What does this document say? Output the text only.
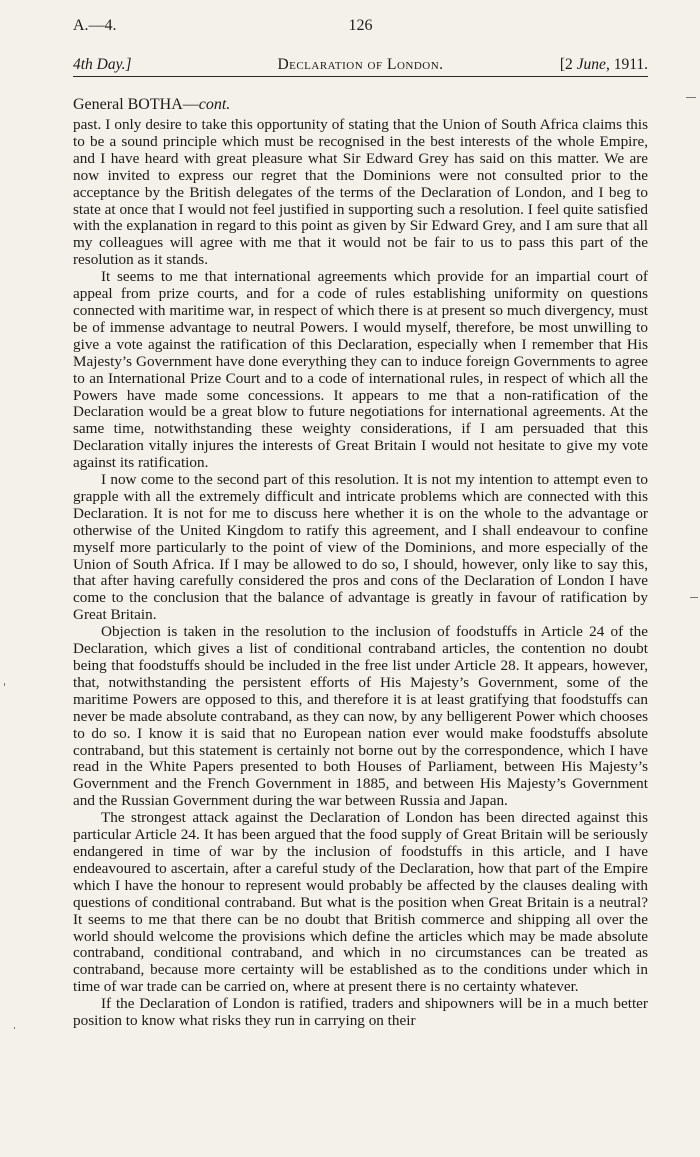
A.—4.	126
4th Day.]	Declaration of London.	[2 June, 1911.
General BOTHA—cont.

past. I only desire to take this opportunity of stating that the Union of South Africa claims this to be a sound principle which must be recognised in the best interests of the whole Empire, and I have heard with great pleasure what Sir Edward Grey has said on this matter. We are now invited to express our regret that the Dominions were not consulted prior to the acceptance by the British delegates of the terms of the Declaration of London, and I beg to state at once that I would not feel justified in supporting such a resolution. I feel quite satisfied with the explanation in regard to this point as given by Sir Edward Grey, and I am sure that all my colleagues will agree with me that it would not be fair to us to pass this part of the resolution as it stands.

It seems to me that international agreements which provide for an impartial court of appeal from prize courts, and for a code of rules establishing uniformity on questions connected with maritime war, in respect of which there is at present so much divergency, must be of immense advantage to neutral Powers. I would myself, therefore, be most unwilling to give a vote against the ratification of this Declaration, especially when I remember that His Majesty’s Government have done everything they can to induce foreign Governments to agree to an International Prize Court and to a code of international rules, in respect of which all the Powers have made some concessions. It appears to me that a non-ratification of the Declaration would be a great blow to future negotiations for international agreements. At the same time, notwithstanding these weighty considerations, if I am persuaded that this Declaration vitally injures the interests of Great Britain I would not hesitate to give my vote against its ratification.

I now come to the second part of this resolution. It is not my intention to attempt even to grapple with all the extremely difficult and intricate problems which are connected with this Declaration. It is not for me to discuss here whether it is on the whole to the advantage or otherwise of the United Kingdom to ratify this agreement, and I shall endeavour to confine myself more particularly to the point of view of the Dominions, and more especially of the Union of South Africa. If I may be allowed to do so, I should, however, only like to say this, that after having carefully considered the pros and cons of the Declaration of London I have come to the conclusion that the balance of advantage is greatly in favour of ratification by Great Britain.

Objection is taken in the resolution to the inclusion of foodstuffs in Article 24 of the Declaration, which gives a list of conditional contraband articles, the contention no doubt being that foodstuffs should be included in the free list under Article 28. It appears, however, that, notwithstanding the persistent efforts of His Majesty’s Government, some of the maritime Powers are opposed to this, and therefore it is at least gratifying that foodstuffs can never be made absolute contraband, as they can now, by any belligerent Power which chooses to do so. I know it is said that no European nation ever would make foodstuffs absolute contraband, but this statement is certainly not borne out by the correspondence, which I have read in the White Papers presented to both Houses of Parliament, between His Majesty’s Government and the French Government in 1885, and between His Majesty’s Government and the Russian Government during the war between Russia and Japan.

The strongest attack against the Declaration of London has been directed against this particular Article 24. It has been argued that the food supply of Great Britain will be seriously endangered in time of war by the inclusion of foodstuffs in this article, and I have endeavoured to ascertain, after a careful study of the Declaration, how that part of the Empire which I have the honour to represent would probably be affected by the clauses dealing with questions of conditional contraband. But what is the position when Great Britain is a neutral? It seems to me that there can be no doubt that British commerce and shipping all over the world should welcome the provisions which define the articles which may be made absolute contraband, conditional contraband, and which in no circumstances can be treated as contraband, because more certainty will be established as to the conditions under which in time of war trade can be carried on, where at present there is no certainty whatever.

If the Declaration of London is ratified, traders and shipowners will be in a much better position to know what risks they run in carrying on their
